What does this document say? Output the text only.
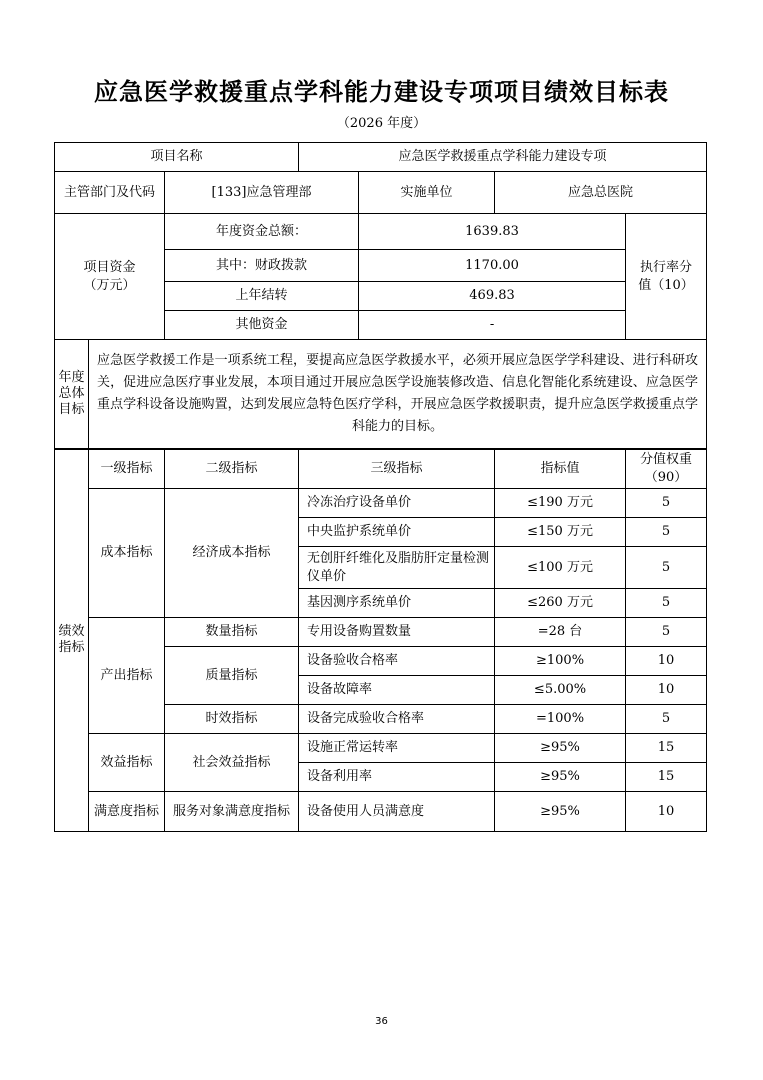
应急医学救援重点学科能力建设专项项目绩效目标表
（2026 年度）
项目名称			应急医学救援重点学科能力建设专项			
主管部门及代码		[133]应急管理部		实施单位	应急总医院	
项目资金（万元）		年度资金总额：		1639.83		执行率分值（10）
		其中：财政拨款		1170.00		
		上年结转		469.83		
		其他资金		-		
年度总体目标	应急医学救援工作是一项系统工程，要提高应急医学救援水平，必须开展应急医学学科建设、进行科研攻关，促进应急医疗事业发展，本项目通过开展应急医学设施装修改造、信息化智能化系统建设、应急医学重点学科设备设施购置，达到发展应急特色医疗学科，开展应急医学救援职责，提升应急医学救援重点学科能力的目标。					
绩效指标	一级指标	二级指标	三级指标		指标值	分值权重（90）
	成本指标	经济成本指标	冷冻治疗设备单价		≤190 万元	5
			中央监护系统单价		≤150 万元	5
			无创肝纤维化及脂肪肝定量检测仪单价		≤100 万元	5
			基因测序系统单价		≤260 万元	5
	产出指标	数量指标	专用设备购置数量		=28 台	5
		质量指标	设备验收合格率		≥100%	10
			设备故障率		≤5.00%	10
		时效指标	设备完成验收合格率		=100%	5
	效益指标	社会效益指标	设施正常运转率		≥95%	15
			设备利用率		≥95%	15
	满意度指标	服务对象满意度指标	设备使用人员满意度		≥95%	10
36
